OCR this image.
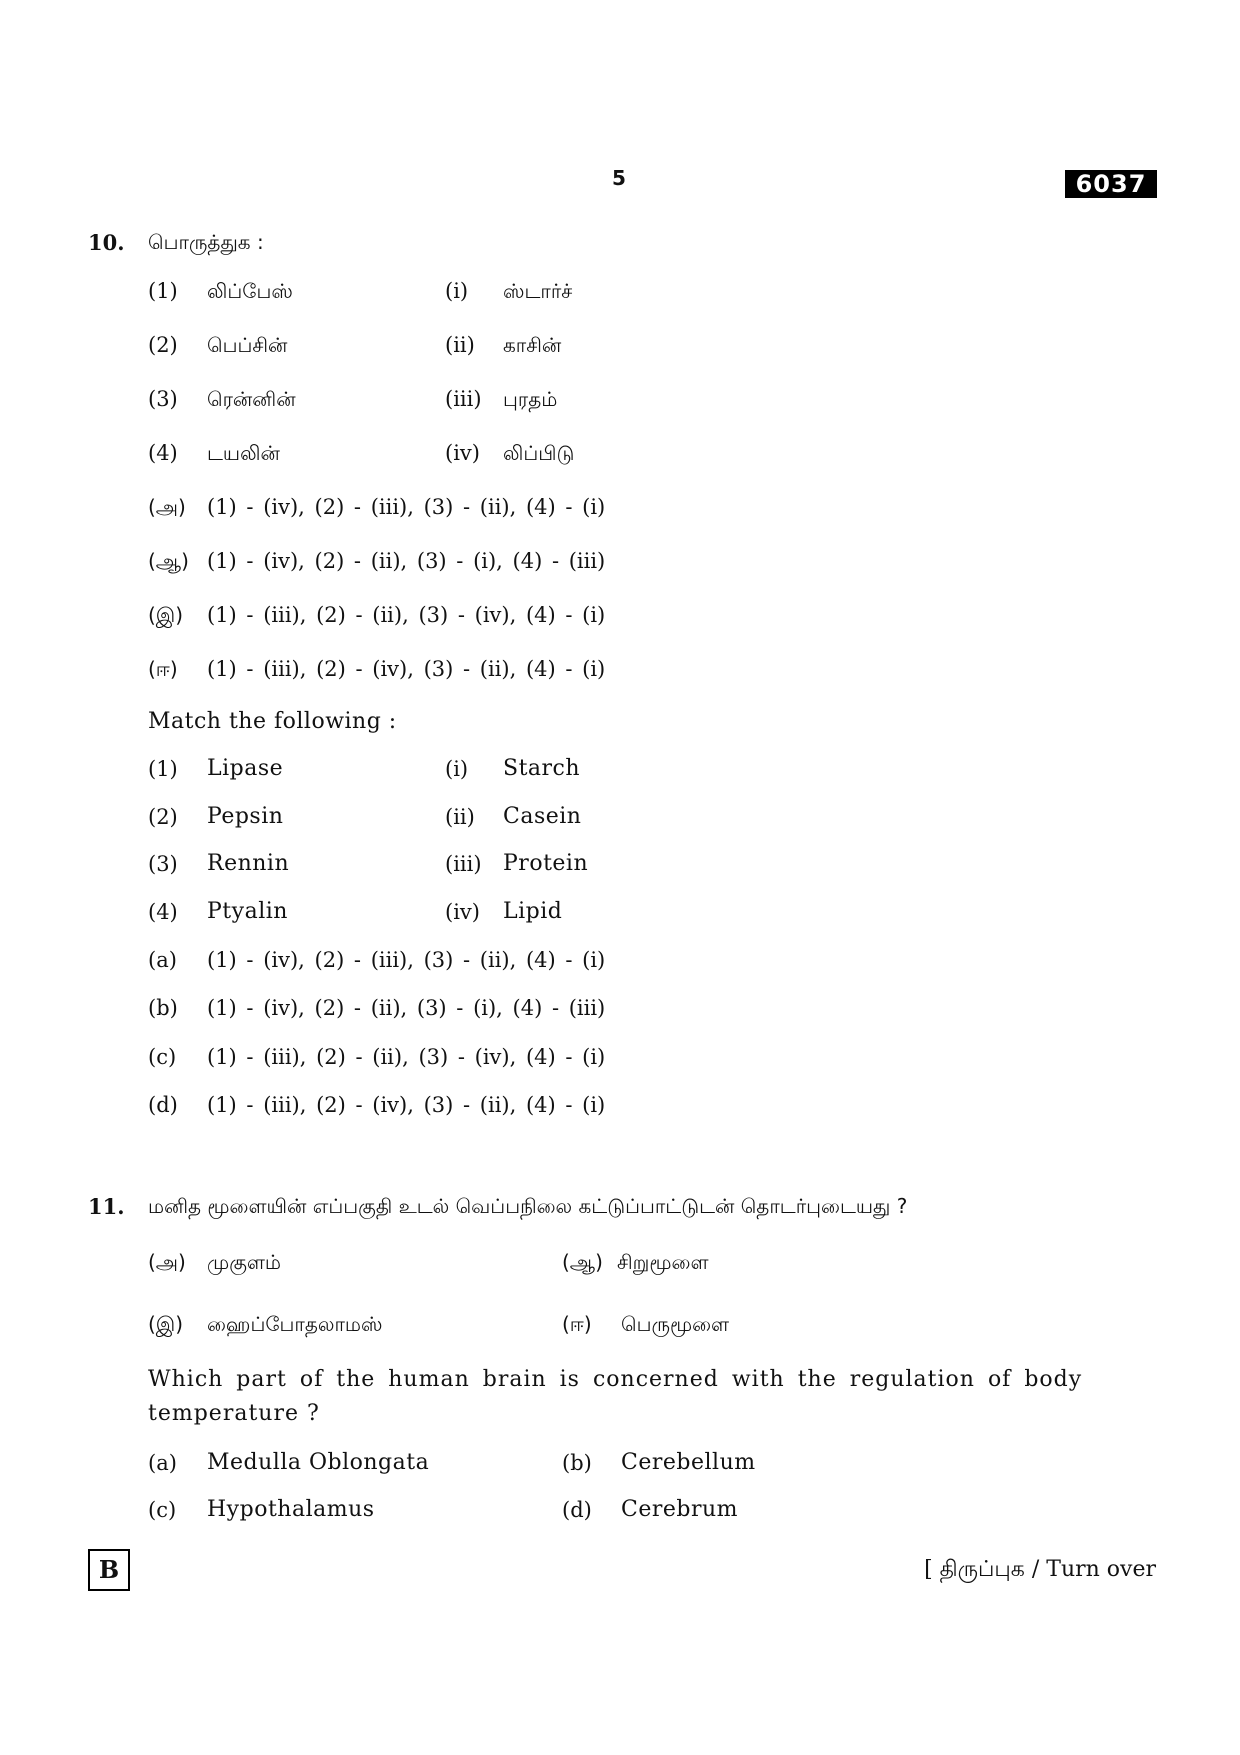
5	6037
10. பொருத்துக :
(1) லிப்பேஸ்	(i) ஸ்டார்ச்
(2) பெப்சின்	(ii) காசின்
(3) ரென்னின்	(iii) புரதம்
(4) டயலின்	(iv) லிப்பிடு
(அ) (1) - (iv), (2) - (iii), (3) - (ii), (4) - (i)
(ஆ) (1) - (iv), (2) - (ii), (3) - (i), (4) - (iii)
(இ) (1) - (iii), (2) - (ii), (3) - (iv), (4) - (i)
(ஈ) (1) - (iii), (2) - (iv), (3) - (ii), (4) - (i)
Match the following :
(1) Lipase	(i) Starch
(2) Pepsin	(ii) Casein
(3) Rennin	(iii) Protein
(4) Ptyalin	(iv) Lipid
(a) (1) - (iv), (2) - (iii), (3) - (ii), (4) - (i)
(b) (1) - (iv), (2) - (ii), (3) - (i), (4) - (iii)
(c) (1) - (iii), (2) - (ii), (3) - (iv), (4) - (i)
(d) (1) - (iii), (2) - (iv), (3) - (ii), (4) - (i)
11. மனித மூளையின் எப்பகுதி உடல் வெப்பநிலை கட்டுப்பாட்டுடன் தொடர்புடையது ?
(அ) முகுளம்	(ஆ) சிறுமூளை
(இ) ஹைப்போதலாமஸ்	(ஈ) பெருமூளை
Which part of the human brain is concerned with the regulation of body
temperature ?
(a) Medulla Oblongata	(b) Cerebellum
(c) Hypothalamus	(d) Cerebrum
B	[ திருப்புக / Turn over
